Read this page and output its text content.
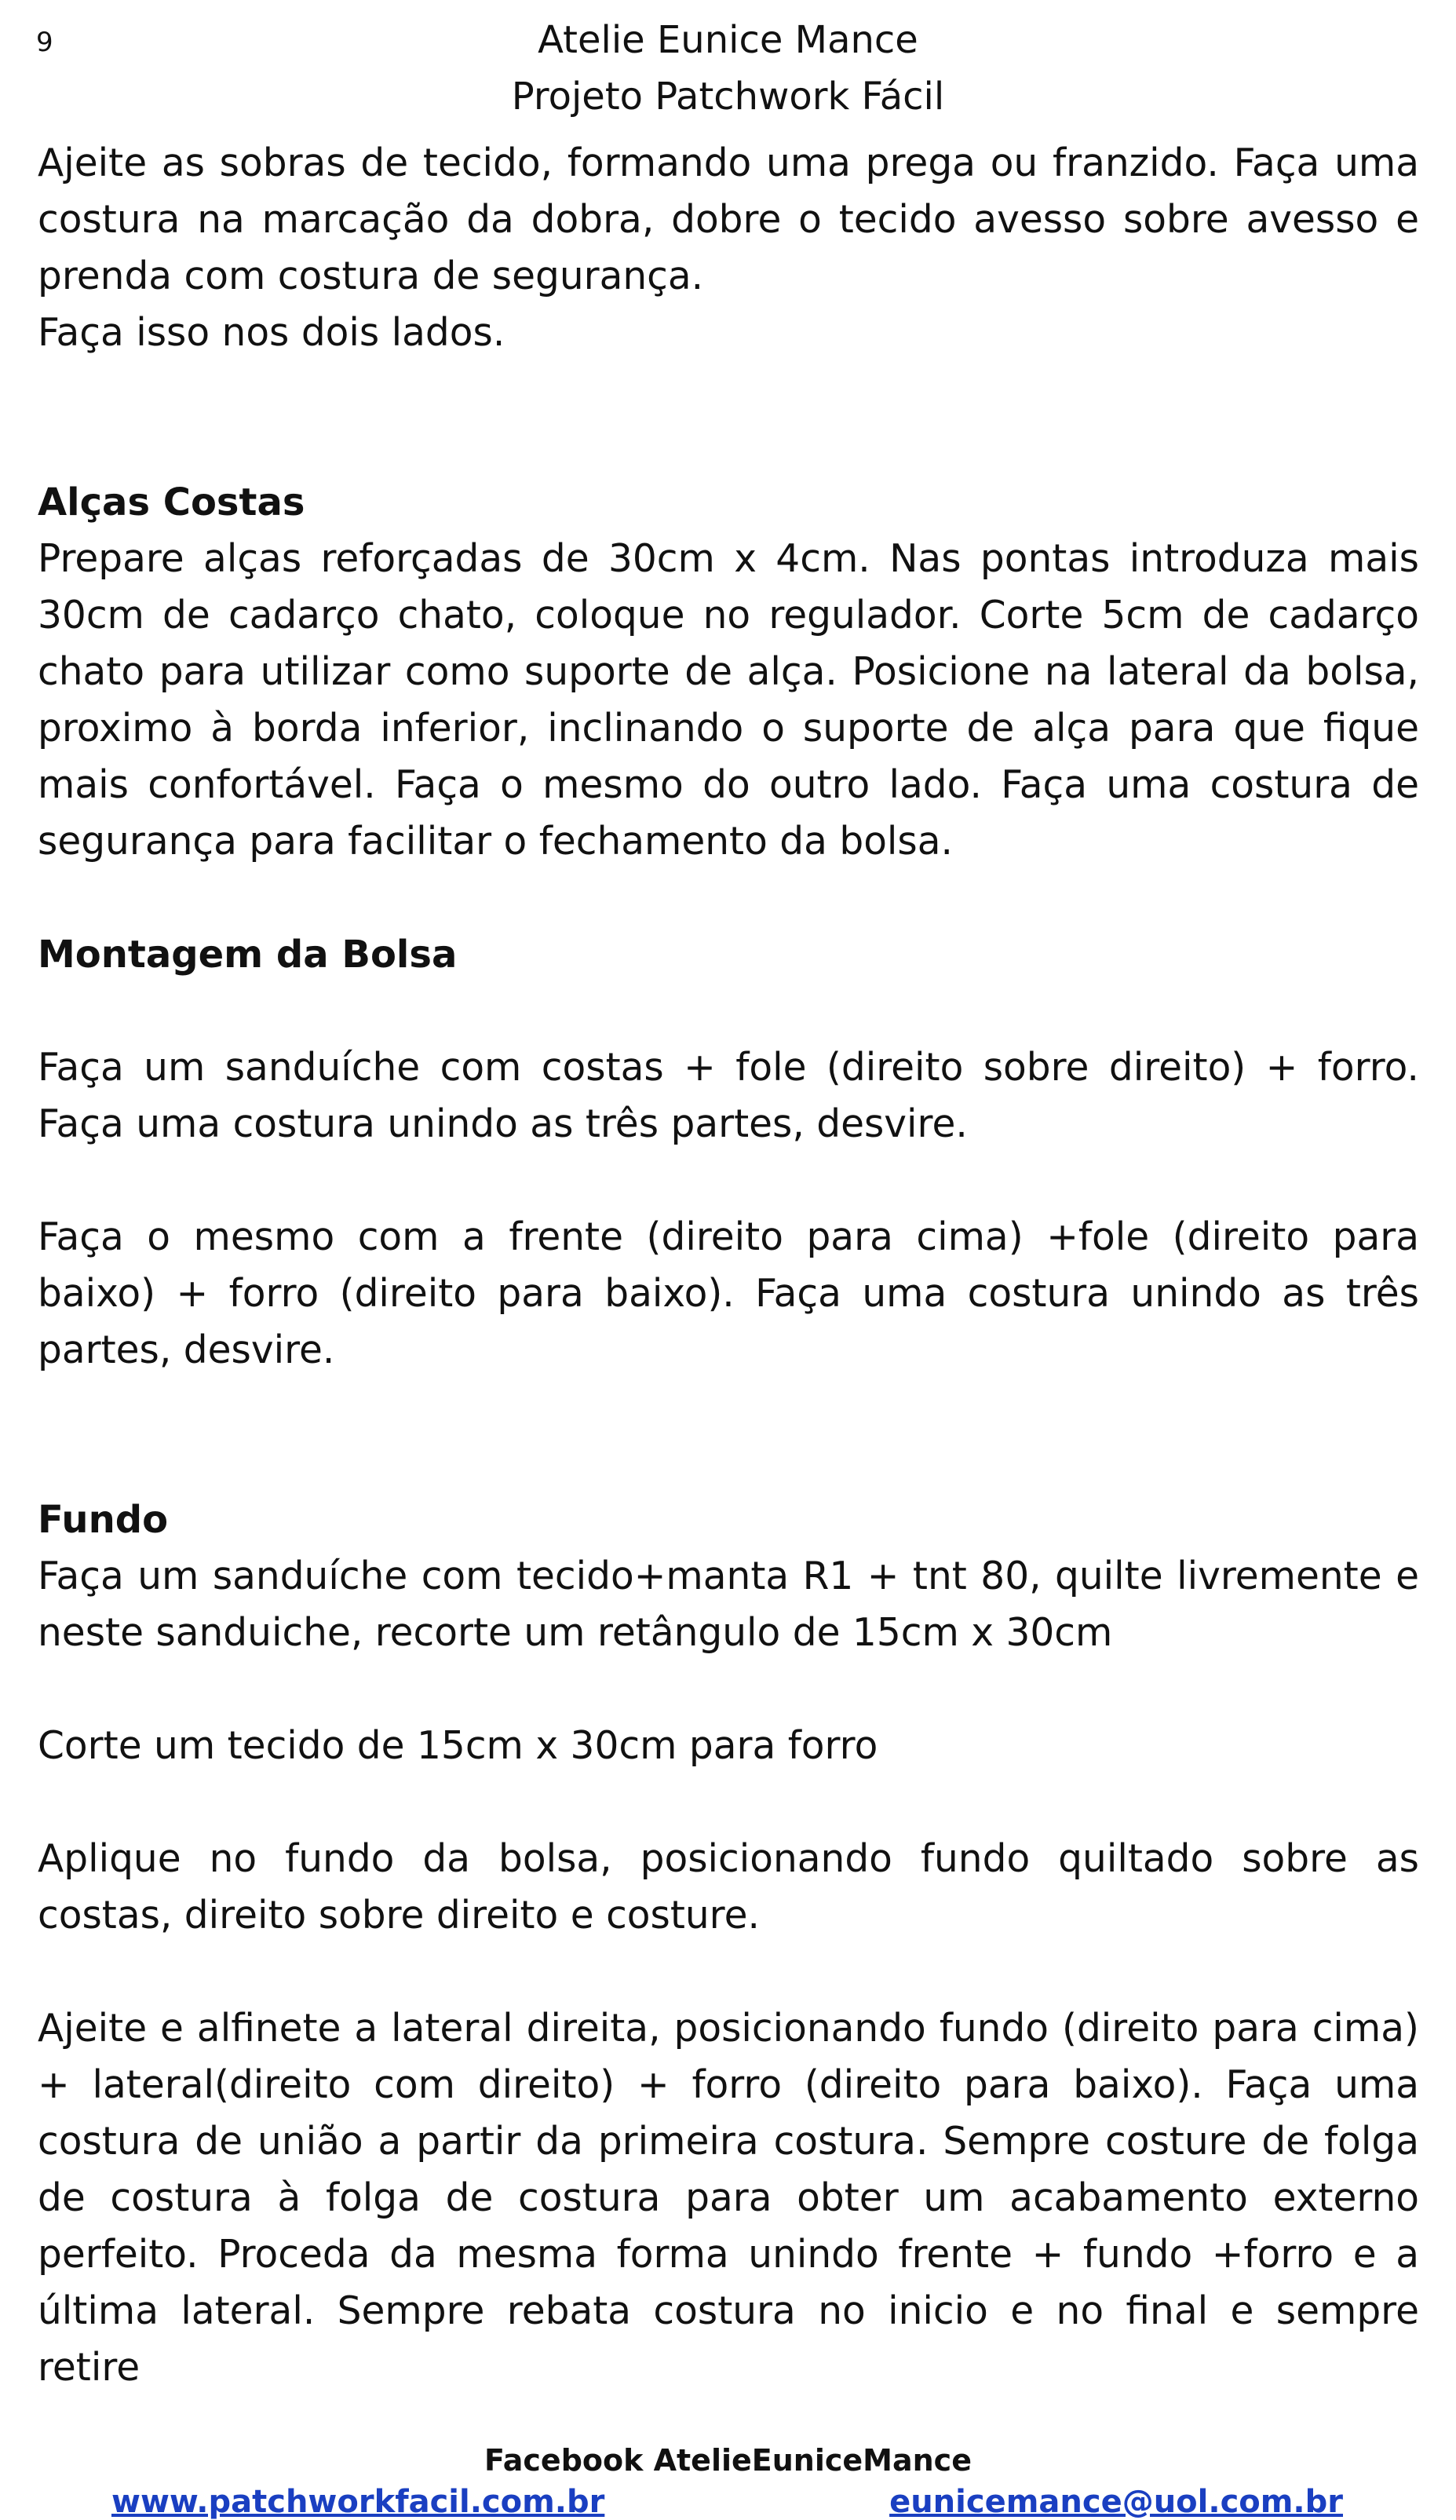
9	Atelie Eunice Mance
Projeto Patchwork Fácil

Ajeite as sobras de tecido, formando uma prega ou franzido. Faça uma costura na marcação da dobra, dobre o tecido avesso sobre avesso e prenda com costura de segurança.

Faça isso nos dois lados.

Alças Costas

Prepare alças reforçadas de 30cm x 4cm. Nas pontas introduza mais 30cm de cadarço chato, coloque no regulador. Corte 5cm de cadarço chato para utilizar como suporte de alça. Posicione na lateral da bolsa, proximo à borda inferior, inclinando o suporte de alça para que fique mais confortável. Faça o mesmo do outro lado. Faça uma costura de segurança para facilitar o fechamento da bolsa.

Montagem da Bolsa

Faça um sanduíche com costas + fole (direito sobre direito) + forro. Faça uma costura unindo as três partes, desvire.

Faça o mesmo com a frente (direito para cima) +fole (direito para baixo) + forro (direito para baixo). Faça uma costura unindo as três partes, desvire.

Fundo

Faça um sanduíche com tecido+manta R1 + tnt 80, quilte livremente e neste sanduiche, recorte um retângulo de 15cm x 30cm

Corte um tecido de 15cm x 30cm para forro

Aplique no fundo da bolsa, posicionando fundo quiltado sobre as costas, direito sobre direito e costure.

Ajeite e alfinete a lateral direita, posicionando fundo (direito para cima) + lateral(direito com direito) + forro (direito para baixo). Faça uma costura de união a partir da primeira costura. Sempre costure de folga de costura à folga de costura para obter um acabamento externo perfeito. Proceda da mesma forma unindo frente + fundo +forro e a última lateral. Sempre rebata costura no inicio e no final e sempre retire

Facebook AtelieEuniceMance
www.patchworkfacil.com.br	eunicemance@uol.com.br
